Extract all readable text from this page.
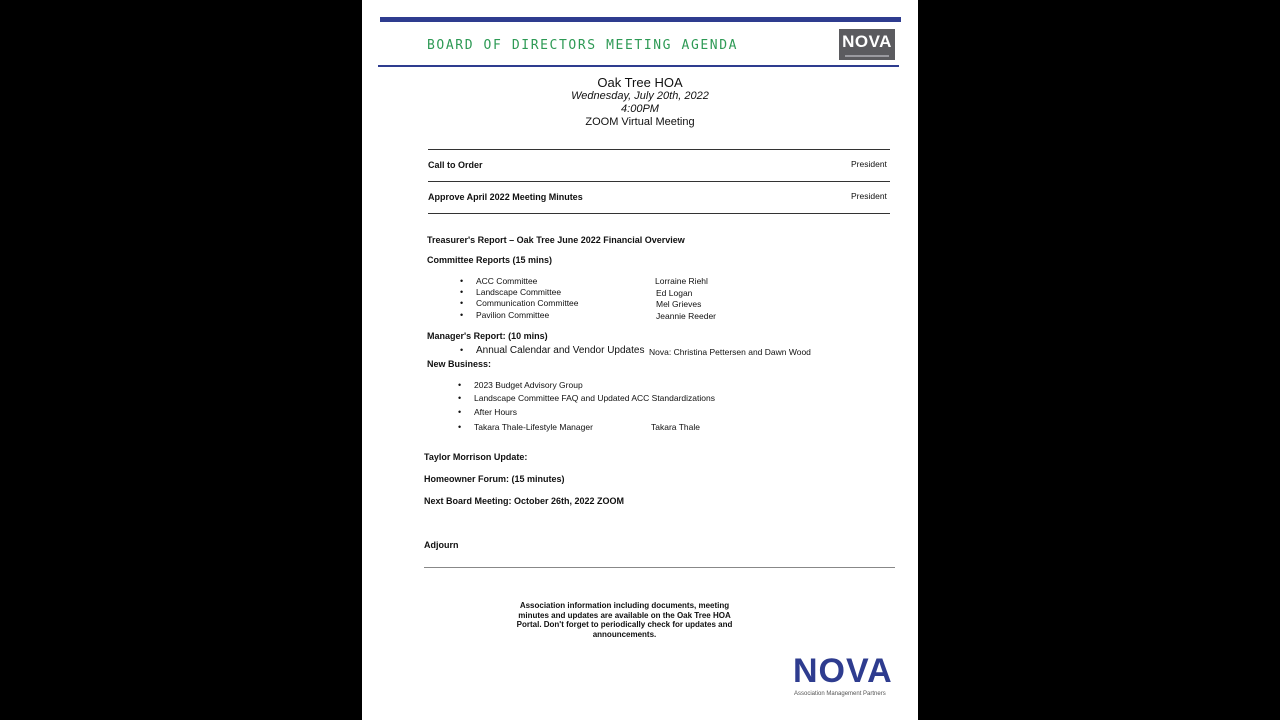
BOARD OF DIRECTORS MEETING AGENDA	NOVA
Oak Tree HOA
Wednesday, July 20th, 2022
4:00PM
ZOOM Virtual Meeting
Call to Order	President
Approve April 2022 Meeting Minutes	President
Treasurer's Report – Oak Tree June 2022 Financial Overview
Committee Reports (15 mins)
• ACC Committee	Lorraine Riehl
• Landscape Committee	Ed Logan
• Communication Committee	Mel Grieves
• Pavilion Committee	Jeannie Reeder
Manager's Report: (10 mins)
• Annual Calendar and Vendor Updates Nova: Christina Pettersen and Dawn Wood
New Business:
• 2023 Budget Advisory Group
• Landscape Committee FAQ and Updated ACC Standardizations
• After Hours
• Takara Thale-Lifestyle Manager	Takara Thale
Taylor Morrison Update:
Homeowner Forum: (15 minutes)
Next Board Meeting: October 26th, 2022 ZOOM
Adjourn
Association information including documents, meeting minutes and updates are available on the Oak Tree HOA Portal. Don't forget to periodically check for updates and announcements.
NOVA
Association Management Partners
